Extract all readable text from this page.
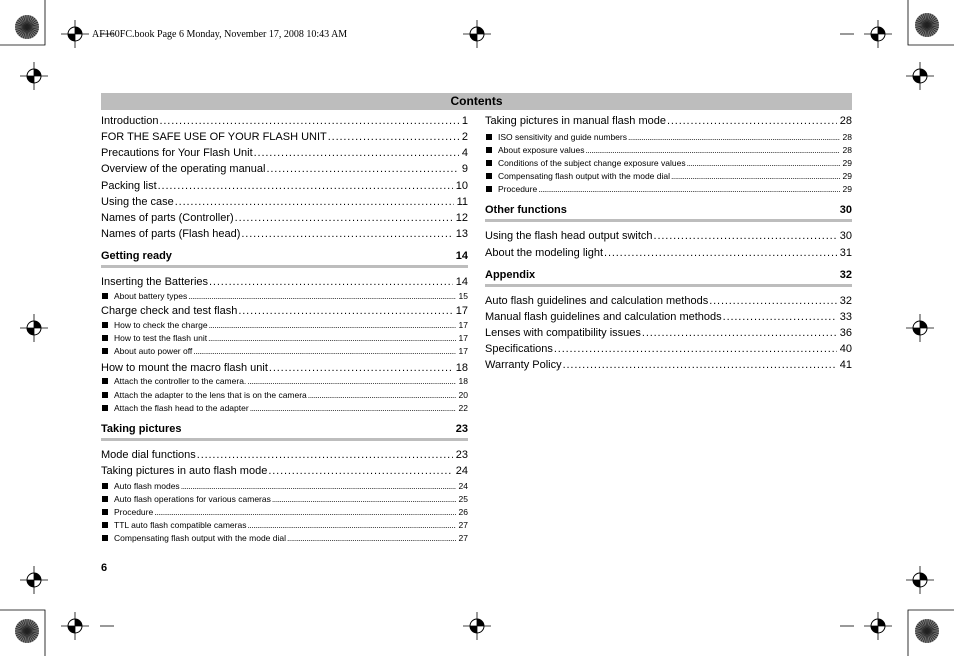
AF160FC.book Page 6 Monday, November 17, 2008 10:43 AM
Contents
Introduction . . .	1
FOR THE SAFE USE OF YOUR FLASH UNIT . . .	2
Precautions for Your Flash Unit . . .	4
Overview of the operating manual . . .	9
Packing list . . .	10
Using the case . . .	11
Names of parts (Controller) . . .	12
Names of parts (Flash head) . . .	13
Getting ready	14
Inserting the Batteries . . .	14
About battery types . . .	15
Charge check and test flash . . .	17
How to check the charge . . .	17
How to test the flash unit . . .	17
About auto power off . . .	17
How to mount the macro flash unit . . .	18
Attach the controller to the camera. . . .	18
Attach the adapter to the lens that is on the camera . . .	20
Attach the flash head to the adapter . . .	22
Taking pictures	23
Mode dial functions . . .	23
Taking pictures in auto flash mode . . .	24
Auto flash modes . . .	24
Auto flash operations for various cameras . . .	25
Procedure . . .	26
TTL auto flash compatible cameras . . .	27
Compensating flash output with the mode dial . . .	27
Taking pictures in manual flash mode . . .	28
ISO sensitivity and guide numbers . . .	28
About exposure values . . .	28
Conditions of the subject change exposure values . . .	29
Compensating flash output with the mode dial . . .	29
Procedure . . .	29
Other functions	30
Using the flash head output switch . . .	30
About the modeling light . . .	31
Appendix	32
Auto flash guidelines and calculation methods . . .	32
Manual flash guidelines and calculation methods . . .	33
Lenses with compatibility issues . . .	36
Specifications . . .	40
Warranty Policy . . .	41
6
